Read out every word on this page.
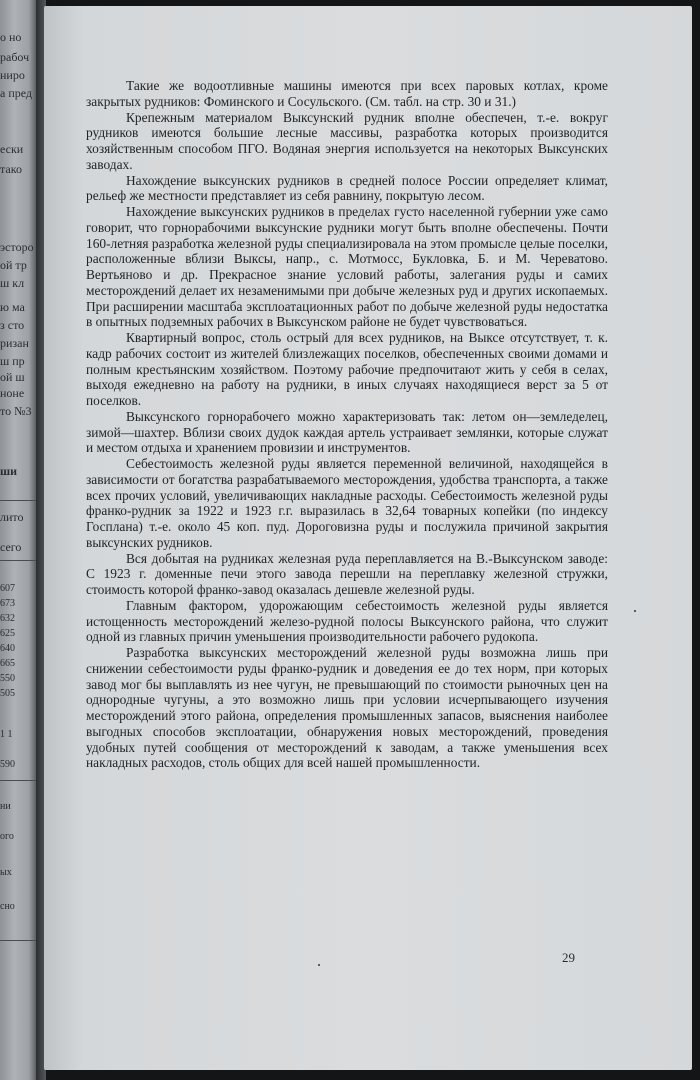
о но
рабоч
ниро
а пред
ески
тако
эсторо
ой тр
ш кл
ю ма
з сто
ризан
ш пр
ой ш
ноне
то №3
ши
лито
сего
607
673
632
625
640
665
550
505
1 1
590
ни
ого
ых
сно

Такие же водоотливные машины имеются при всех паровых котлах, кроме закрытых рудников: Фоминского и Сосульского. (См. табл. на стр. 30 и 31.)

Крепежным материалом Выксунский рудник вполне обеспечен, т.-е. вокруг рудников имеются большие лесные массивы, разработка которых производится хозяйственным способом ПГО. Водяная энергия используется на некоторых Выксунских заводах.

Нахождение выксунских рудников в средней полосе России определяет климат, рельеф же местности представляет из себя равнину, покрытую лесом.

Нахождение выксунских рудников в пределах густо населенной губернии уже само говорит, что горнорабочими выксунские рудники могут быть вполне обеспечены. Почти 160-летняя разработка железной руды специализировала на этом промысле целые поселки, расположенные вблизи Выксы, напр., с. Мотмосс, Букловка, Б. и М. Череватово. Вертьяново и др. Прекрасное знание условий работы, залегания руды и самих месторождений делает их незаменимыми при добыче железных руд и других ископаемых. При расширении масштаба эксплоатационных работ по добыче железной руды недостатка в опытных подземных рабочих в Выксунском районе не будет чувствоваться.

Квартирный вопрос, столь острый для всех рудников, на Выксе отсутствует, т. к. кадр рабочих состоит из жителей близлежащих поселков, обеспеченных своими домами и полным крестьянским хозяйством. Поэтому рабочие предпочитают жить у себя в селах, выходя ежедневно на работу на рудники, в иных случаях находящиеся верст за 5 от поселков.

Выксунского горнорабочего можно характеризовать так: летом он—земледелец, зимой—шахтер. Вблизи своих дудок каждая артель устраивает землянки, которые служат и местом отдыха и хранением провизии и инструментов.

Себестоимость железной руды является переменной величиной, находящейся в зависимости от богатства разрабатываемого месторождения, удобства транспорта, а также всех прочих условий, увеличивающих накладные расходы. Себестоимость железной руды франко-рудник за 1922 и 1923 г.г. выразилась в 32,64 товарных копейки (по индексу Госплана) т.-е. около 45 коп. пуд. Дороговизна руды и послужила причиной закрытия выксунских рудников.

Вся добытая на рудниках железная руда переплавляется на В.-Выксунском заводе: С 1923 г. доменные печи этого завода перешли на переплавку железной стружки, стоимость которой франко-завод оказалась дешевле железной руды.

Главным фактором, удорожающим себестоимость железной руды является истощенность месторождений железо-рудной полосы Выксунского района, что служит одной из главных причин уменьшения производительности рабочего рудокопа.

Разработка выксунских месторождений железной руды возможна лишь при снижении себестоимости руды франко-рудник и доведения ее до тех норм, при которых завод мог бы выплавлять из нее чугун, не превышающий по стоимости рыночных цен на однородные чугуны, а это возможно лишь при условии исчерпывающего изучения месторождений этого района, определения промышленных запасов, выяснения наиболее выгодных способов эксплоатации, обнаружения новых месторождений, проведения удобных путей сообщения от месторождений к заводам, а также уменьшения всех накладных расходов, столь общих для всей нашей промышленности.

29
